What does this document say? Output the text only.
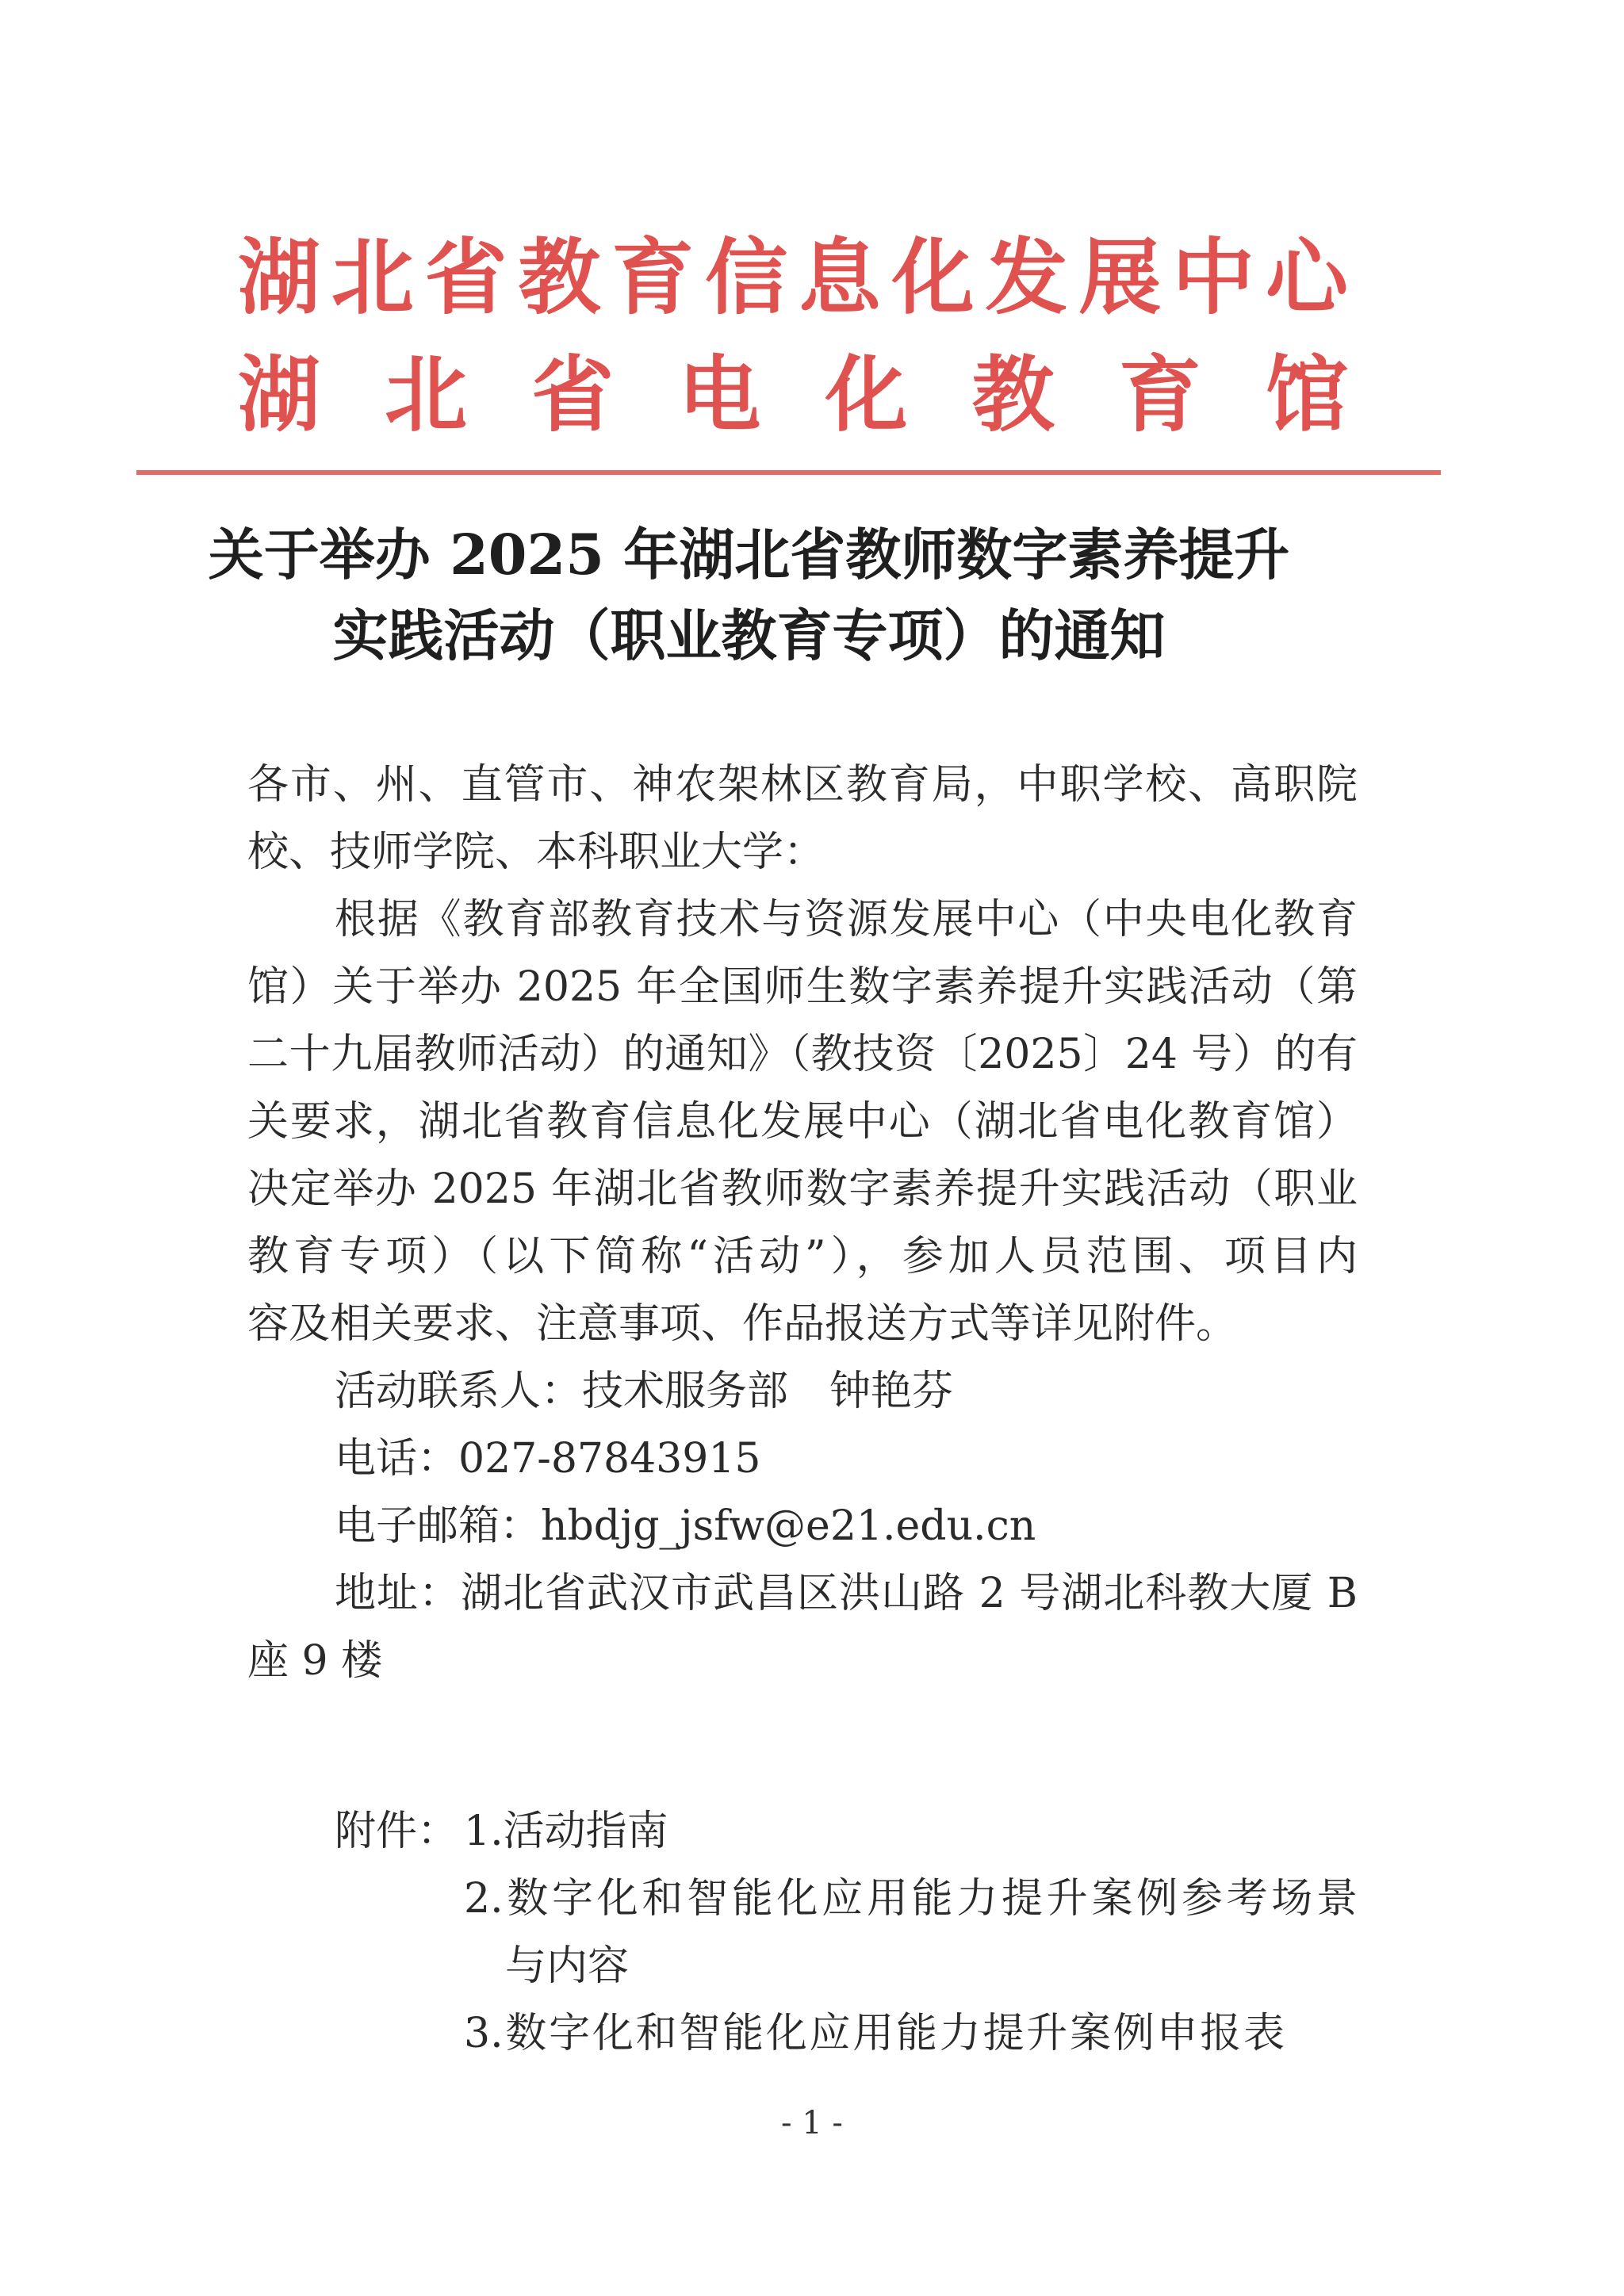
湖北省教育信息化发展中心
湖北省电化教育馆
关于举办 2025 年湖北省教师数字素养提升
实践活动（职业教育专项）的通知
各市、州、直管市、神农架林区教育局，中职学校、高职院
校、技师学院、本科职业大学：
根据《教育部教育技术与资源发展中心（中央电化教育
馆）关于举办 2025 年全国师生数字素养提升实践活动（第
二十九届教师活动）的通知》（教技资〔2025〕24 号）的有
关要求，湖北省教育信息化发展中心（湖北省电化教育馆）
决定举办 2025 年湖北省教师数字素养提升实践活动（职业
教育专项）（以下简称“活动”），参加人员范围、项目内
容及相关要求、注意事项、作品报送方式等详见附件。
活动联系人：技术服务部　钟艳芬
电话：027-87843915
电子邮箱：hbdjg_jsfw@e21.edu.cn
地址：湖北省武汉市武昌区洪山路 2 号湖北科教大厦 B
座 9 楼
附件： 1.活动指南
2.数字化和智能化应用能力提升案例参考场景
与内容
3.数字化和智能化应用能力提升案例申报表
- 1 -
